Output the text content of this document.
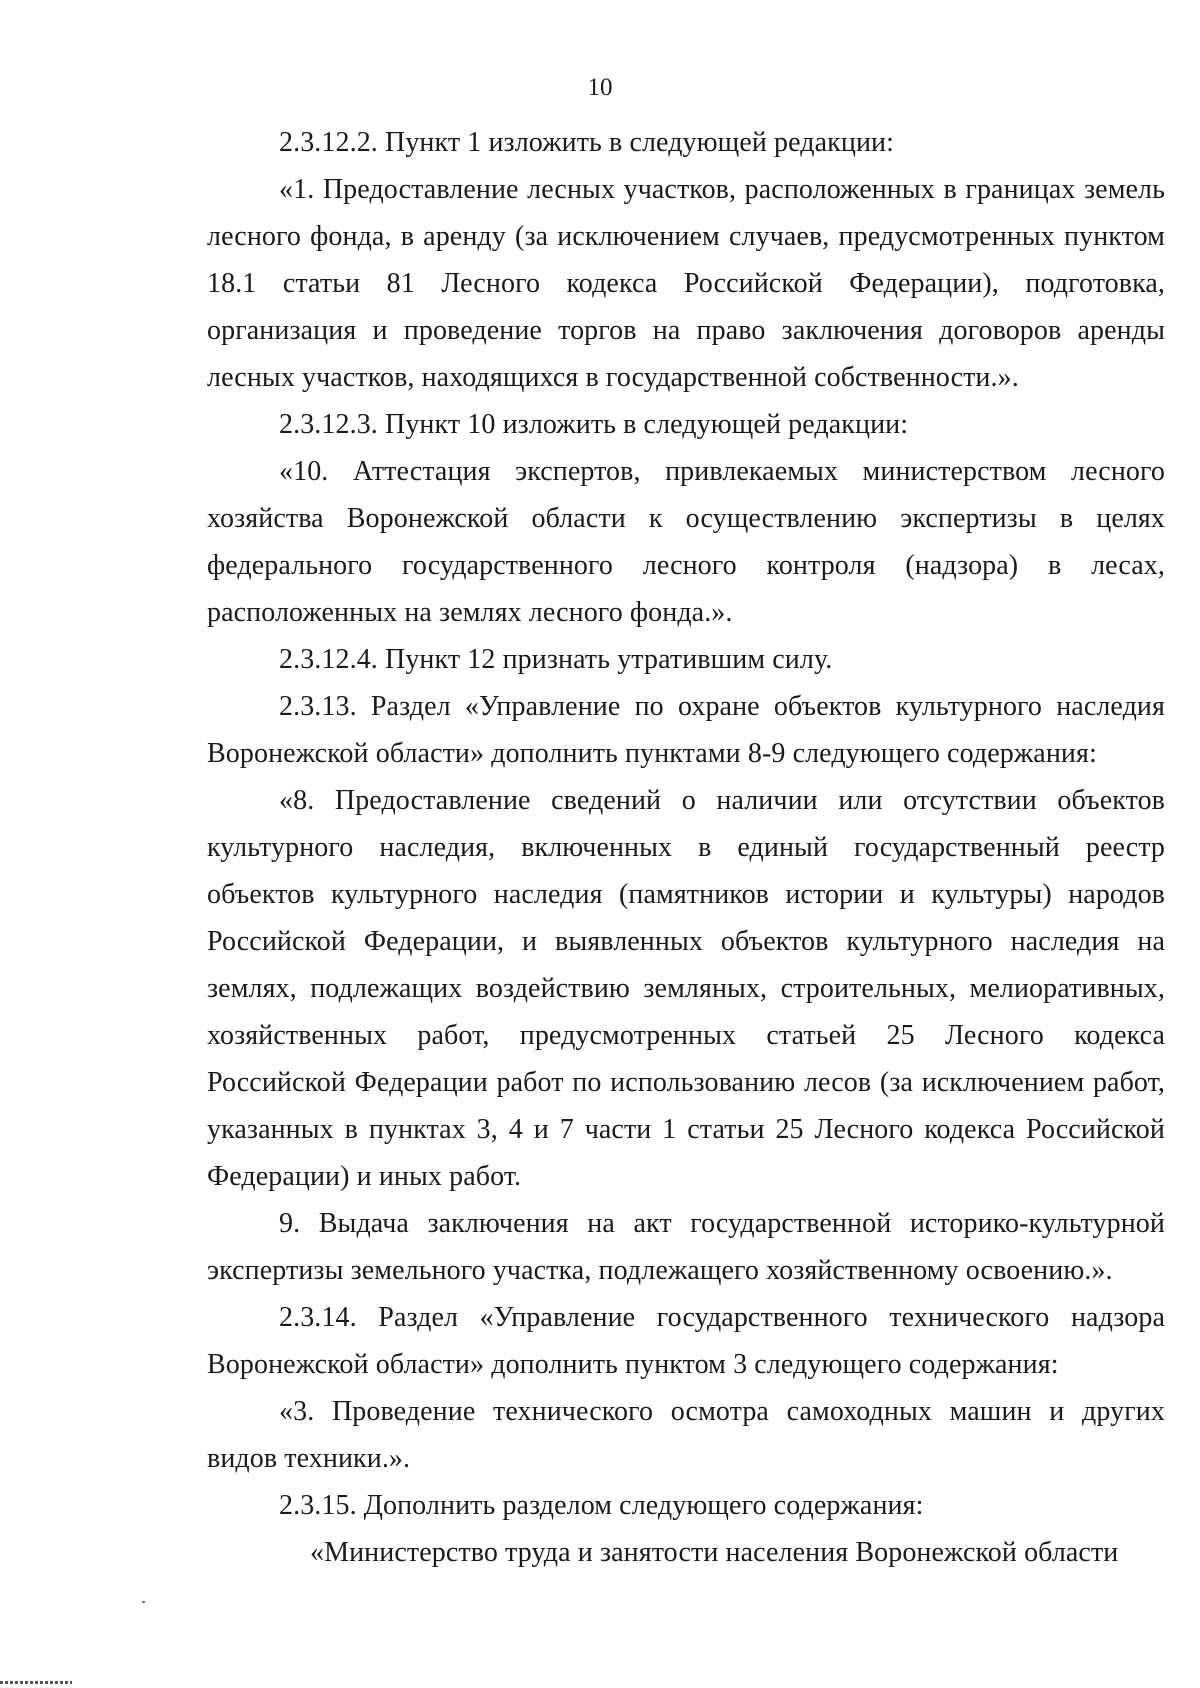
10

2.3.12.2. Пункт 1 изложить в следующей редакции:

«1. Предоставление лесных участков, расположенных в границах земель лесного фонда, в аренду (за исключением случаев, предусмотренных пунктом 18.1 статьи 81 Лесного кодекса Российской Федерации), подготовка, организация и проведение торгов на право заключения договоров аренды лесных участков, находящихся в государственной собственности.».

2.3.12.3. Пункт 10 изложить в следующей редакции:

«10. Аттестация экспертов, привлекаемых министерством лесного хозяйства Воронежской области к осуществлению экспертизы в целях федерального государственного лесного контроля (надзора) в лесах, расположенных на землях лесного фонда.».

2.3.12.4. Пункт 12 признать утратившим силу.

2.3.13. Раздел «Управление по охране объектов культурного наследия Воронежской области» дополнить пунктами 8-9 следующего содержания:

«8. Предоставление сведений о наличии или отсутствии объектов культурного наследия, включенных в единый государственный реестр объектов культурного наследия (памятников истории и культуры) народов Российской Федерации, и выявленных объектов культурного наследия на землях, подлежащих воздействию земляных, строительных, мелиоративных, хозяйственных работ, предусмотренных статьей 25 Лесного кодекса Российской Федерации работ по использованию лесов (за исключением работ, указанных в пунктах 3, 4 и 7 части 1 статьи 25 Лесного кодекса Российской Федерации) и иных работ.

9. Выдача заключения на акт государственной историко-культурной экспертизы земельного участка, подлежащего хозяйственному освоению.».

2.3.14. Раздел «Управление государственного технического надзора Воронежской области» дополнить пунктом 3 следующего содержания:

«3. Проведение технического осмотра самоходных машин и других видов техники.».

2.3.15. Дополнить разделом следующего содержания:

«Министерство труда и занятости населения Воронежской области
